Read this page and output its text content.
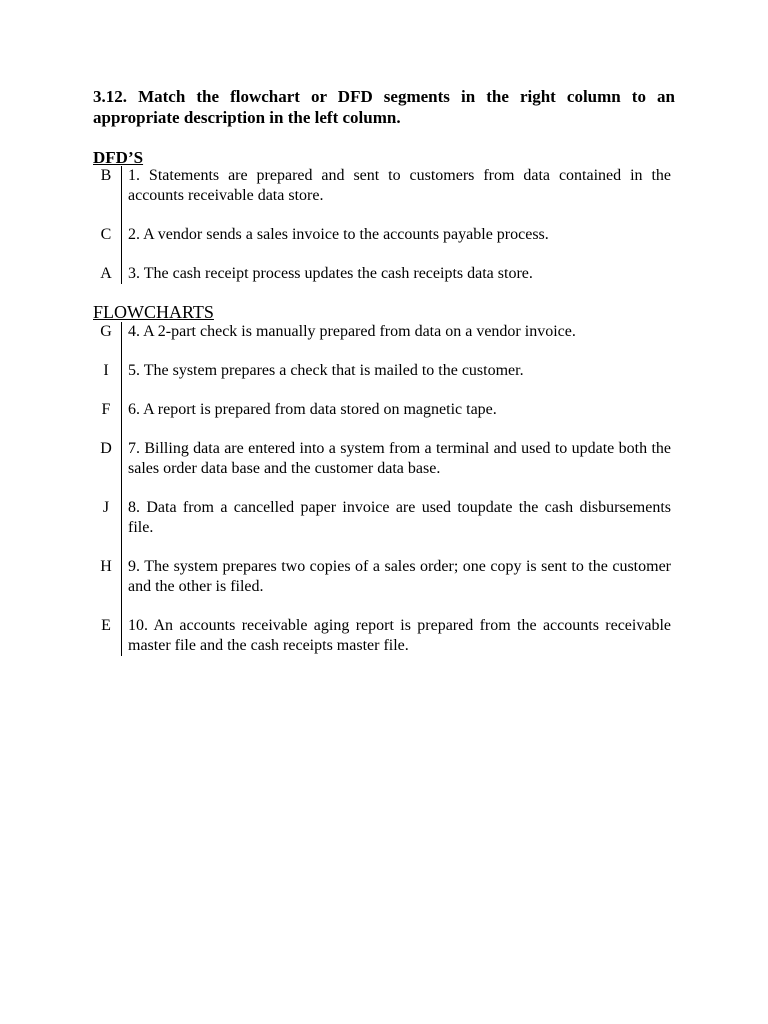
3.12. Match the flowchart or DFD segments in the right column to an appropriate description in the left column.
DFD’S
B	1. Statements are prepared and sent to customers from data contained in the accounts receivable data store.
C	2. A vendor sends a sales invoice to the accounts payable process.
A	3. The cash receipt process updates the cash receipts data store.
FLOWCHARTS
G	4. A 2-part check is manually prepared from data on a vendor invoice.
I	5. The system prepares a check that is mailed to the customer.
F	6. A report is prepared from data stored on magnetic tape.
D	7. Billing data are entered into a system from a terminal and used to update both the sales order data base and the customer data base.
J	8. Data from a cancelled paper invoice are used toupdate the cash disbursements file.
H	9. The system prepares two copies of a sales order; one copy is sent to the customer and the other is filed.
E	10. An accounts receivable aging report is prepared from the accounts receivable master file and the cash receipts master file.
